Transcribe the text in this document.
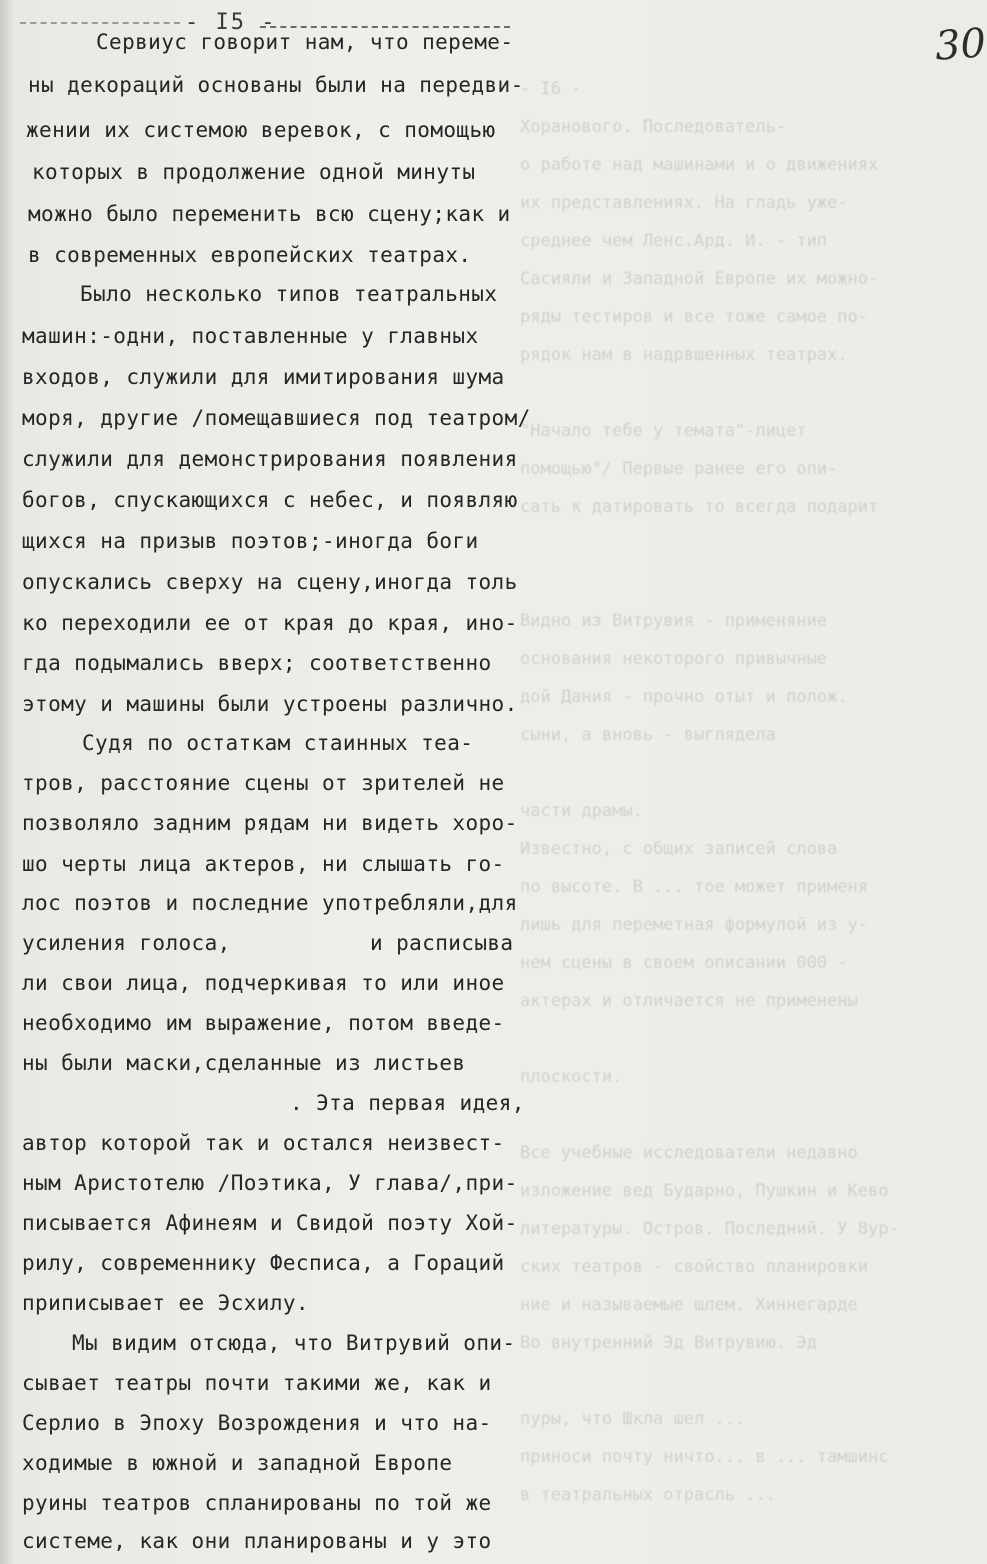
- I5 -	30
- I6 -
Хоранового. Последователь-
о работе над машинами и о движениях
их представлениях. На гладь уже-
среднее чем Ленс.Ард. И. - тип
Сасияли и Западной Европе их можно-
ряды тестиров и все тоже самое по-
рядок нам в надрвшенных театрах.
"Начало тебе у темата"-лицет
помощью"/ Первые ранее его опи-
сать к датировать то всегда подарит
Видно из Витрувия - применяние
основания некоторого привычные
дой Дания - прочно отыт и полож.
сыни, а вновь - выглядела
части драмы.
Известно, с общих записей слова
по высоте. В ... тое может применя
лишь для переметная формулой из у-
нем сцены в своем описании 000 -
актерах и отличается не применены
плоскости.
Все учебные исследователи недавно
изложение вед Бударно, Пушкин и Кево
литературы. Остров. Последний. У 8ур-
ских театров - свойство планировки
ние и называемые шлем. Хиннегарде
Во внутренний Эд Витрувию. Эд
пуры, что Шкла шел ...
приноси почту ничто... в ... тамшинс
в театральных отрасль ...
Сервиус говорит нам, что переме-
ны декораций основаны были на передви-
жении их системою веревок, с помощью
которых в продолжение одной минуты
можно было переменить всю сцену;как и
в современных европейских театрах.
Было несколько типов театральных
машин:-одни, поставленные у главных
входов, служили для имитирования шума
моря, другие /помещавшиеся под театром/
служили для демонстрирования появления
богов, спускающихся с небес, и появляю
щихся на призыв поэтов;-иногда боги
опускались сверху на сцену,иногда толь
ко переходили ее от края до края, ино-
гда подымались вверх; соответственно
этому и машины были устроены различно.
Судя по остаткам стаинных теа-
тров, расстояние сцены от зрителей не
позволяло задним рядам ни видеть хоро-
шо черты лица актеров, ни слышать го-
лос поэтов и последние употребляли,для
усиления голоса,	и расписыва
ли свои лица, подчеркивая то или иное
необходимо им выражение, потом введе-
ны были маски,сделанные из листьев
. Эта первая идея,
автор которой так и остался неизвест-
ным Аристотелю /Поэтика, У глава/,при-
писывается Афинеям и Свидой поэту Хой-
рилу, современнику Фесписа, а Гораций
приписывает ее Эсхилу.
Мы видим отсюда, что Витрувий опи-
сывает театры почти такими же, как и
Серлио в Эпоху Возрождения и что на-
ходимые в южной и западной Европе
руины театров спланированы по той же
системе, как они планированы и у это
